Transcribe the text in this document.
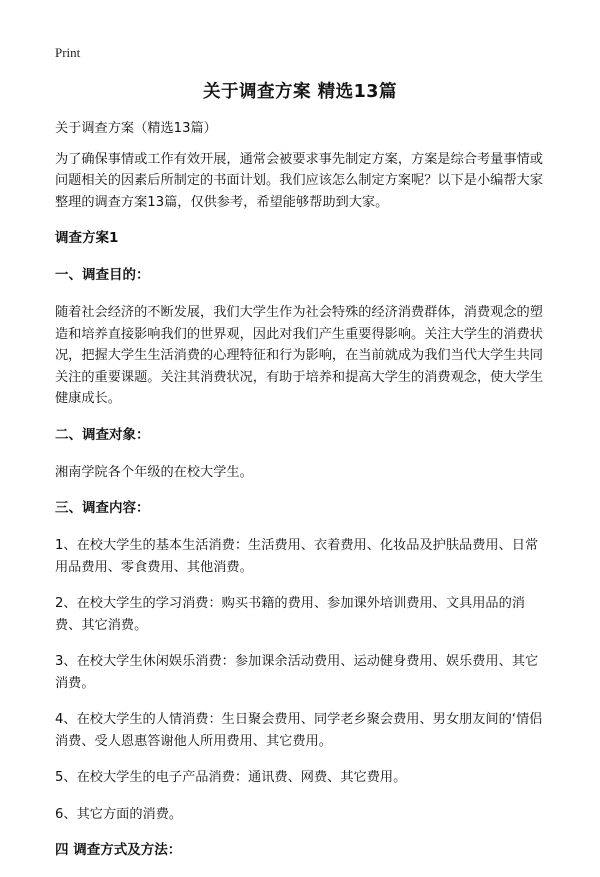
Print
关于调查方案 精选13篇

关于调查方案（精选13篇）

为了确保事情或工作有效开展，通常会被要求事先制定方案，方案是综合考量事情或问题相关的因素后所制定的书面计划。我们应该怎么制定方案呢？以下是小编帮大家整理的调查方案13篇，仅供参考，希望能够帮助到大家。

调查方案1
一、调查目的：

随着社会经济的不断发展，我们大学生作为社会特殊的经济消费群体，消费观念的塑造和培养直接影响我们的世界观，因此对我们产生重要得影响。关注大学生的消费状况，把握大学生生活消费的心理特征和行为影响，在当前就成为我们当代大学生共同关注的重要课题。关注其消费状况，有助于培养和提高大学生的消费观念，使大学生健康成长。

二、调查对象：

湘南学院各个年级的在校大学生。

三、调查内容：

1、在校大学生的基本生活消费：生活费用、衣着费用、化妆品及护肤品费用、日常用品费用、零食费用、其他消费。

2、在校大学生的学习消费：购买书籍的费用、参加课外培训费用、文具用品的消费、其它消费。

3、在校大学生休闲娱乐消费：参加课余活动费用、运动健身费用、娱乐费用、其它消费。

4、在校大学生的人情消费：生日聚会费用、同学老乡聚会费用、男女朋友间的‘情侣消费、受人恩惠答谢他人所用费用、其它费用。

5、在校大学生的电子产品消费：通讯费、网费、其它费用。

6、其它方面的消费。

四 调查方式及方法：
